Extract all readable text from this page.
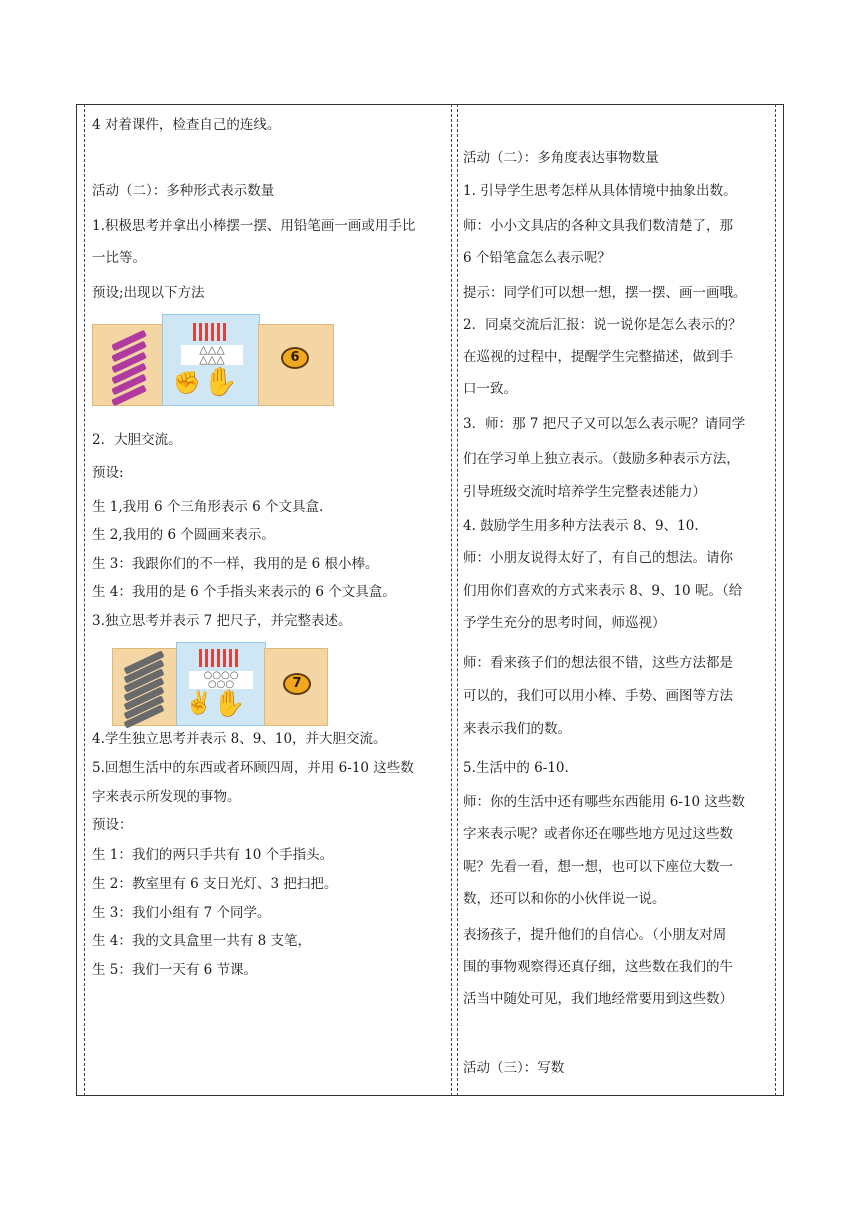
4 对着课件，检查自己的连线。

活动（二）：多种形式表示数量

1.积极思考并拿出小棒摆一摆、用铅笔画一画或用手比

一比等。

预设;出现以下方法

2．大胆交流。

预设:

生 1,我用 6 个三角形表示 6 个文具盒.

生 2,我用的 6 个圆画来表示。

生 3：我跟你们的不一样，我用的是 6 根小棒。

生 4：我用的是 6 个手指头来表示的 6 个文具盒。

3.独立思考并表示 7 把尺子，并完整表述。

4.学生独立思考并表示 8、9、10，并大胆交流。

5.回想生活中的东西或者环顾四周，并用 6-10 这些数

字来表示所发现的事物。

预设：

生 1：我们的两只手共有 10 个手指头。

生 2：教室里有 6 支日光灯、3 把扫把。

生 3：我们小组有 7 个同学。

生 4：我的文具盒里一共有 8 支笔，

生 5：我们一天有 6 节课。

△△△
△△△
✊ ✋
6
○○○○
○○○
✌ ✋
7

活动（二）：多角度表达事物数量

1. 引导学生思考怎样从具体情境中抽象出数。

师：小小文具店的各种文具我们数清楚了，那

6 个铅笔盒怎么表示呢？

提示：同学们可以想一想，摆一摆、画一画哦。

2．同桌交流后汇报：说一说你是怎么表示的？

在巡视的过程中，提醒学生完整描述，做到手

口一致。

3．师：那 7 把尺子又可以怎么表示呢？请同学

们在学习单上独立表示。（鼓励多种表示方法，

引导班级交流时培养学生完整表述能力）

4. 鼓励学生用多种方法表示 8、9、10.

师：小朋友说得太好了，有自己的想法。请你

们用你们喜欢的方式来表示 8、9、10 呢。（给

予学生充分的思考时间，师巡视）

师：看来孩子们的想法很不错，这些方法都是

可以的，我们可以用小棒、手势、画图等方法

来表示我们的数。

5.生活中的 6-10.

师：你的生活中还有哪些东西能用 6-10 这些数

字来表示呢？或者你还在哪些地方见过这些数

呢？先看一看，想一想，也可以下座位大数一

数，还可以和你的小伙伴说一说。

表扬孩子，提升他们的自信心。（小朋友对周

围的事物观察得还真仔细，这些数在我们的牛

活当中随处可见，我们地经常要用到这些数）

活动（三）：写数
